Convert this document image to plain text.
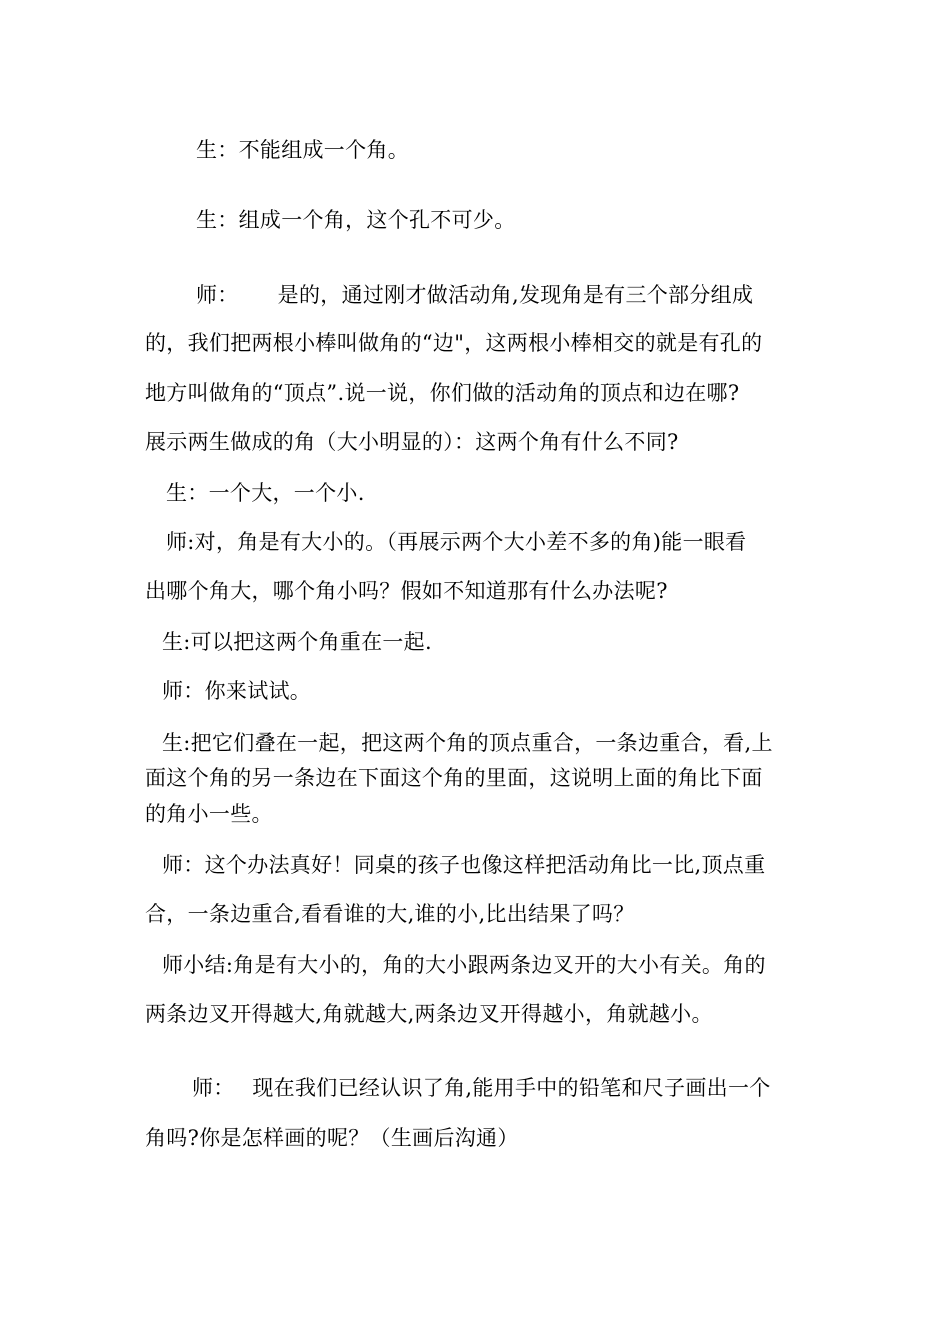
生：不能组成一个角。
生：组成一个角，这个孔不可少。
师：　　 是的，通过刚才做活动角,发现角是有三个部分组成
的，我们把两根小棒叫做角的“边"，这两根小棒相交的就是有孔的
地方叫做角的“顶点”.说一说，你们做的活动角的顶点和边在哪?
展示两生做成的角（大小明显的）：这两个角有什么不同?
生：一个大，一个小.
师:对，角是有大小的。（再展示两个大小差不多的角)能一眼看
出哪个角大，哪个角小吗？假如不知道那有什么办法呢?
生:可以把这两个角重在一起.
师：你来试试。
生:把它们叠在一起，把这两个角的顶点重合，一条边重合，看,上
面这个角的另一条边在下面这个角的里面，这说明上面的角比下面
的角小一些。
师：这个办法真好！同桌的孩子也像这样把活动角比一比,顶点重
合，一条边重合,看看谁的大,谁的小,比出结果了吗？
师小结:角是有大小的，角的大小跟两条边叉开的大小有关。角的
两条边叉开得越大,角就越大,两条边叉开得越小，角就越小。
师：　 现在我们已经认识了角,能用手中的铅笔和尺子画出一个
角吗?你是怎样画的呢？（生画后沟通）
